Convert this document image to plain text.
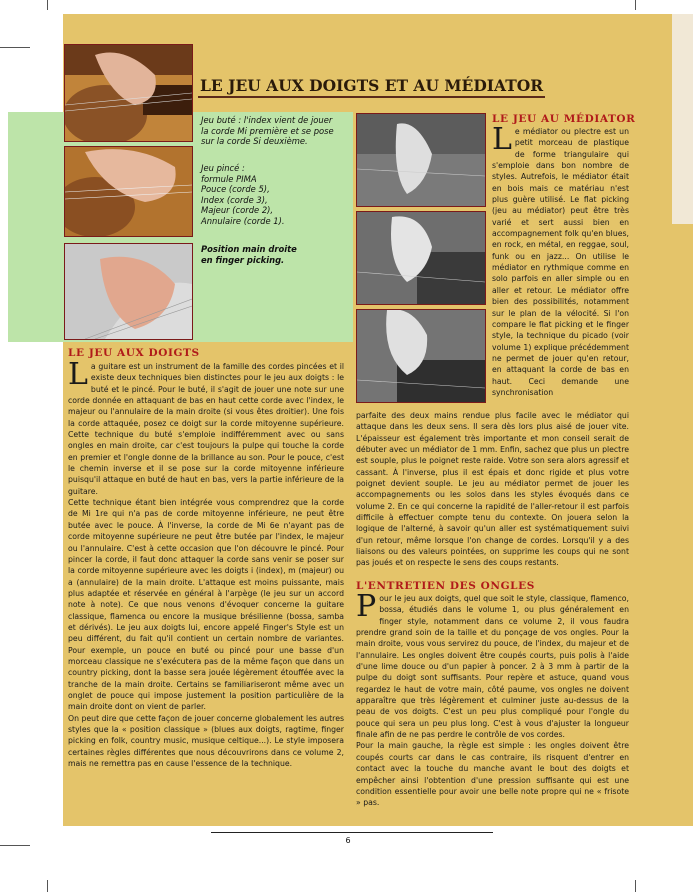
LE JEU AUX DOIGTS ET AU MÉDIATOR

Jeu buté : l'index vient de jouer

la corde Mi première et se pose

sur la corde Si deuxième.

Jeu pincé :

formule PIMA

Pouce (corde 5),

Index (corde 3),

Majeur (corde 2),

Annulaire (corde 1).

Position main droite

en finger picking.

LE JEU AU MÉDIATOR
L e médiator ou plectre est un petit morceau de plastique de forme triangulaire qui s'emploie dans bon nombre de styles. Autrefois, le médiator était en bois mais ce matériau n'est plus guère utilisé. Le flat picking (jeu au médiator) peut être très varié et sert aussi bien en accompagnement folk qu'en blues, en rock, en métal, en reggae, soul, funk ou en jazz... On utilise le médiator en rythmique comme en solo parfois en aller simple ou en aller et retour. Le médiator offre bien des possibilités, notamment sur le plan de la vélocité. Si l'on compare le flat picking et le finger style, la technique du picado (voir volume 1) explique précédemment ne permet de jouer qu'en retour, en attaquant la corde de bas en haut. Ceci demande une synchronisation

parfaite des deux mains rendue plus facile avec le médiator qui attaque dans les deux sens. Il sera dès lors plus aisé de jouer vite. L'épaisseur est également très importante et mon conseil serait de débuter avec un médiator de 1 mm. Enfin, sachez que plus un plectre est souple, plus le poignet reste raide. Votre son sera alors agressif et cassant. À l'inverse, plus il est épais et donc rigide et plus votre poignet devient souple. Le jeu au médiator permet de jouer les accompagnements ou les solos dans les styles évoqués dans ce volume 2. En ce qui concerne la rapidité de l'aller-retour il est parfois difficile à effectuer compte tenu du contexte. On jouera selon la logique de l'alterné, à savoir qu'un aller est systématiquement suivi d'un retour, même lorsque l'on change de cordes. Lorsqu'il y a des liaisons ou des valeurs pointées, on supprime les coups qui ne sont pas joués et on respecte le sens des coups restants.

LE JEU AUX DOIGTS
L a guitare est un instrument de la famille des cordes pincées et il existe deux techniques bien distinctes pour le jeu aux doigts : le buté et le pincé. Pour le buté, il s'agit de jouer une note sur une corde donnée en attaquant de bas en haut cette corde avec l'index, le majeur ou l'annulaire de la main droite (si vous êtes droitier). Une fois la corde attaquée, posez ce doigt sur la corde mitoyenne supérieure. Cette technique du buté s'emploie indifféremment avec ou sans ongles en main droite, car c'est toujours la pulpe qui touche la corde en premier et l'ongle donne de la brillance au son. Pour le pouce, c'est le chemin inverse et il se pose sur la corde mitoyenne inférieure puisqu'il attaque en buté de haut en bas, vers la partie inférieure de la guitare.

Cette technique étant bien intégrée vous comprendrez que la corde de Mi 1re qui n'a pas de corde mitoyenne inférieure, ne peut être butée avec le pouce. À l'inverse, la corde de Mi 6e n'ayant pas de corde mitoyenne supérieure ne peut être butée par l'index, le majeur ou l'annulaire. C'est à cette occasion que l'on découvre le pincé. Pour pincer la corde, il faut donc attaquer la corde sans venir se poser sur la corde mitoyenne supérieure avec les doigts i (index), m (majeur) ou a (annulaire) de la main droite. L'attaque est moins puissante, mais plus adaptée et réservée en général à l'arpège (le jeu sur un accord note à note). Ce que nous venons d'évoquer concerne la guitare classique, flamenca ou encore la musique brésilienne (bossa, samba et dérivés). Le jeu aux doigts lui, encore appelé Finger's Style est un peu différent, du fait qu'il contient un certain nombre de variantes. Pour exemple, un pouce en buté ou pincé pour une basse d'un morceau classique ne s'exécutera pas de la même façon que dans un country picking, dont la basse sera jouée légèrement étouffée avec la tranche de la main droite. Certains se familiariseront même avec un onglet de pouce qui impose justement la position particulière de la main droite dont on vient de parler.

On peut dire que cette façon de jouer concerne globalement les autres styles que la « position classique » (blues aux doigts, ragtime, finger picking en folk, country music, musique celtique...). Le style imposera certaines règles différentes que nous découvrirons dans ce volume 2, mais ne remettra pas en cause l'essence de la technique.

L'ENTRETIEN DES ONGLES
P our le jeu aux doigts, quel que soit le style, classique, flamenco, bossa, étudiés dans le volume 1, ou plus généralement en finger style, notamment dans ce volume 2, il vous faudra prendre grand soin de la taille et du ponçage de vos ongles. Pour la main droite, vous vous servirez du pouce, de l'index, du majeur et de l'annulaire. Les ongles doivent être coupés courts, puis polis à l'aide d'une lime douce ou d'un papier à poncer. 2 à 3 mm à partir de la pulpe du doigt sont suffisants. Pour repère et astuce, quand vous regardez le haut de votre main, côté paume, vos ongles ne doivent apparaître que très légèrement et culminer juste au-dessus de la peau de vos doigts. C'est un peu plus compliqué pour l'ongle du pouce qui sera un peu plus long. C'est à vous d'ajuster la longueur finale afin de ne pas perdre le contrôle de vos cordes.

Pour la main gauche, la règle est simple : les ongles doivent être coupés courts car dans le cas contraire, ils risquent d'entrer en contact avec la touche du manche avant le bout des doigts et empêcher ainsi l'obtention d'une pression suffisante qui est une condition essentielle pour avoir une belle note propre qui ne « frisote » pas.

6
